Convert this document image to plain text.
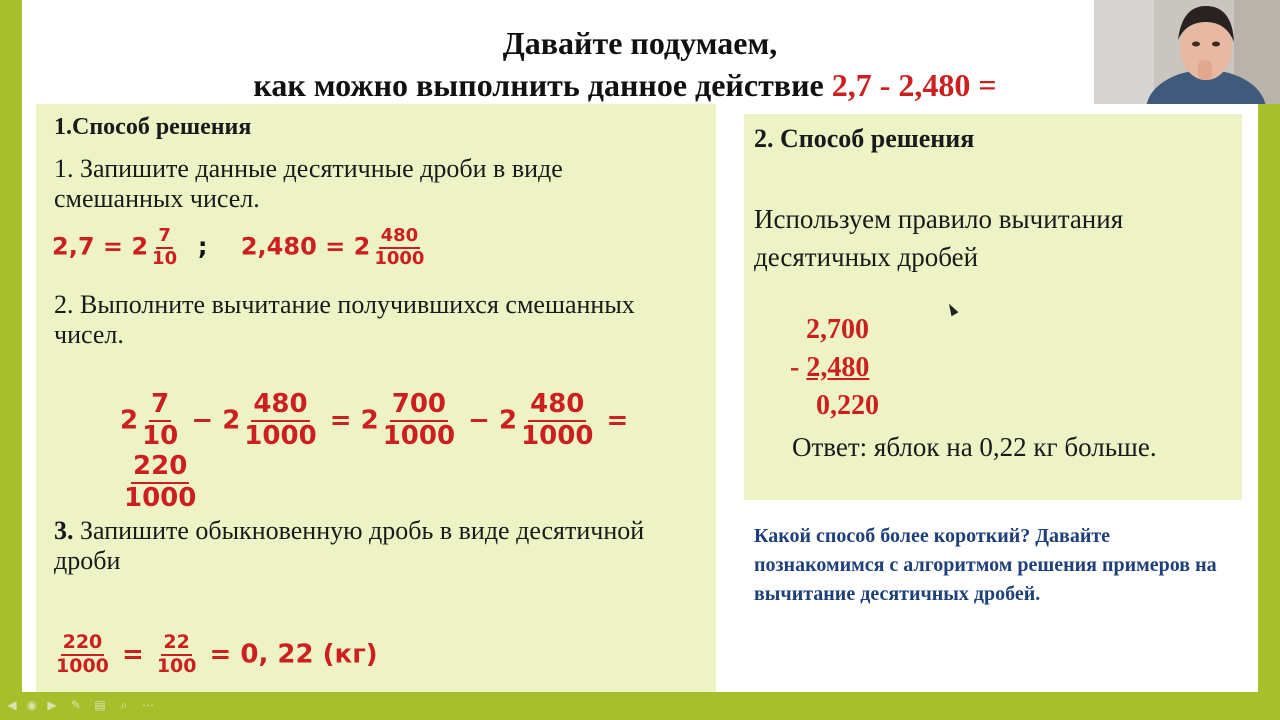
Давайте подумаем,
как можно выполнить данное действие 2,7 - 2,480 =
1.Способ решения
1. Запишите данные десятичные дроби в виде смешанных чисел.
$2,7 = 2 \frac{7}{10}$ ; $2,480 = 2 \frac{480}{1000}$
2. Выполните вычитание получившихся смешанных чисел.
$2 \frac{7}{10} - 2 \frac{480}{1000} = 2 \frac{700}{1000} - 2 \frac{480}{1000}$ =
$\frac{220}{1000}$
3. Запишите обыкновенную дробь в виде десятичной дроби
$\frac{220}{1000} = \frac{22}{100} = 0$, 22 (кг)
2. Способ решения
Используем правило вычитания десятичных дробей
2,700
- 2,480
0,220
Ответ: яблок на 0,22 кг больше.
Какой способ более короткий? Давайте познакомимся с алгоритмом решения примеров на вычитание десятичных дробей.
◀ ◉ ▶ ✎ ▤	⌕	⋯
